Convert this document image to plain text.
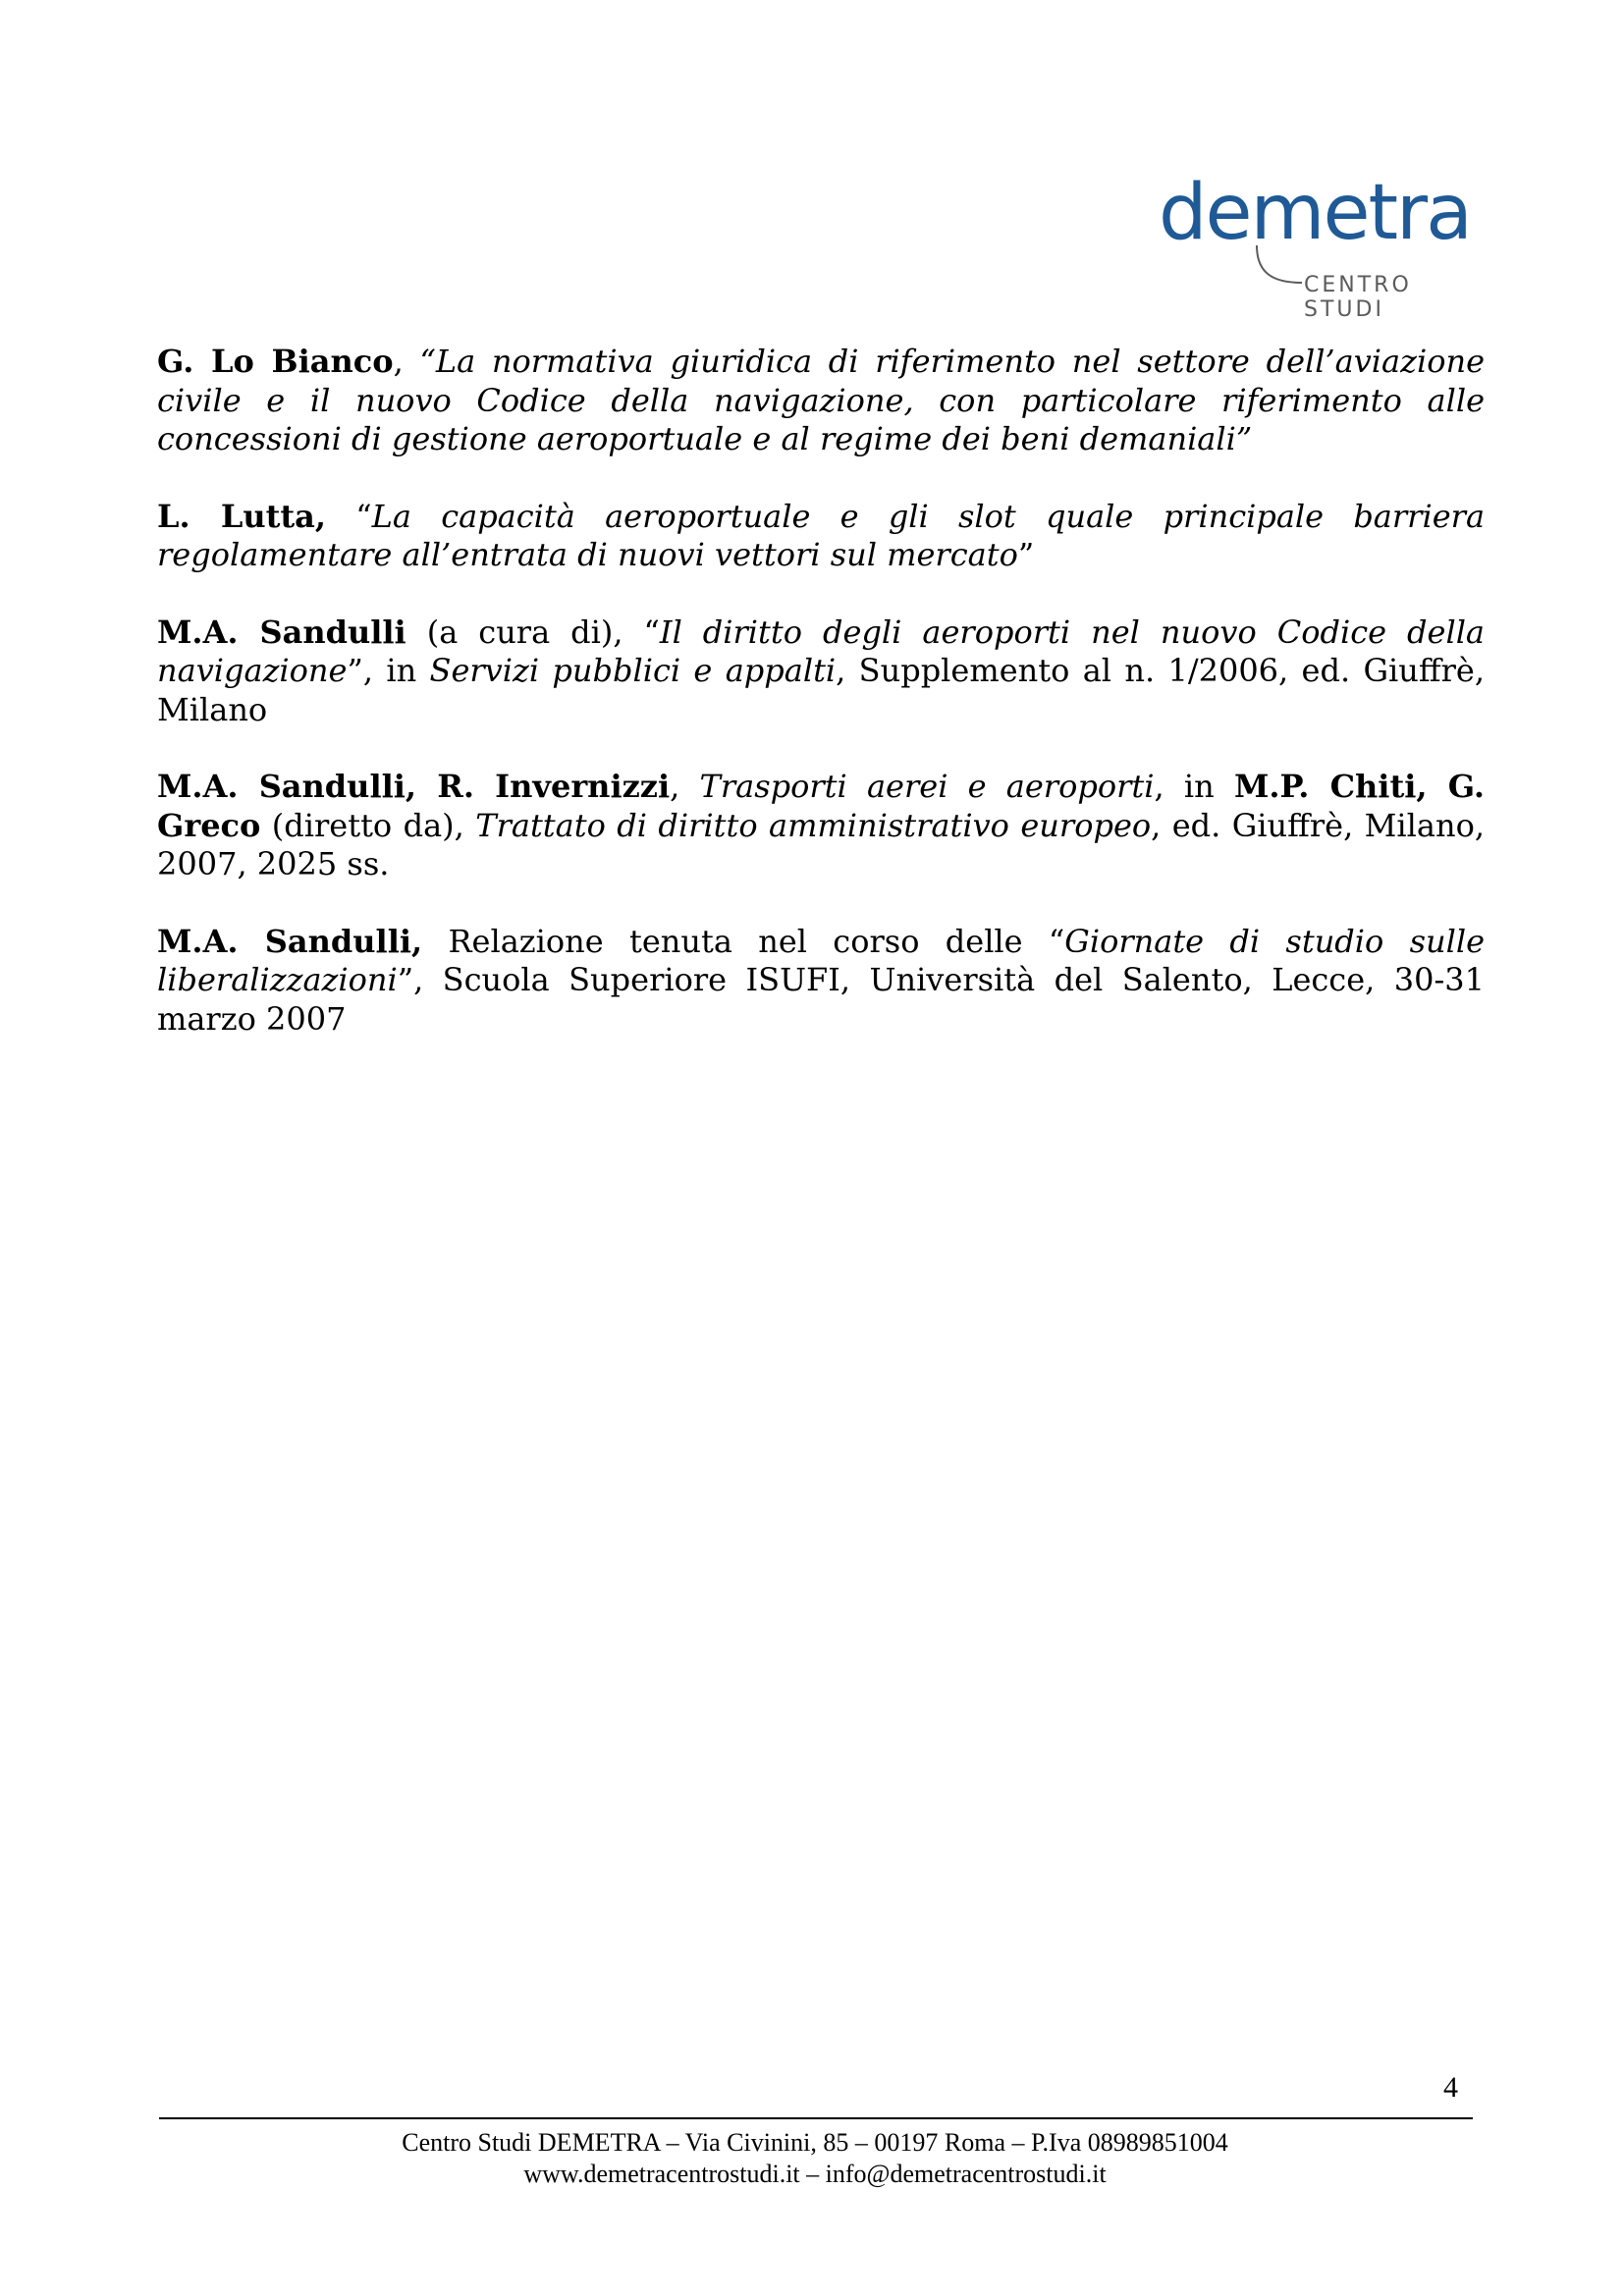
demetra
CENTRO STUDI

G. Lo Bianco, “La normativa giuridica di riferimento nel settore dell’aviazione civile e il nuovo Codice della navigazione, con particolare riferimento alle concessioni di gestione aeroportuale e al regime dei beni demaniali”

L. Lutta, “La capacità aeroportuale e gli slot quale principale barriera regolamentare all’entrata di nuovi vettori sul mercato”

M.A. Sandulli (a cura di), “Il diritto degli aeroporti nel nuovo Codice della navigazione”, in Servizi pubblici e appalti, Supplemento al n. 1/2006, ed. Giuffrè, Milano

M.A. Sandulli, R. Invernizzi, Trasporti aerei e aeroporti, in M.P. Chiti, G. Greco (diretto da), Trattato di diritto amministrativo europeo, ed. Giuffrè, Milano, 2007, 2025 ss.

M.A. Sandulli, Relazione tenuta nel corso delle “Giornate di studio sulle liberalizzazioni”, Scuola Superiore ISUFI, Università del Salento, Lecce, 30-31 marzo 2007

4
Centro Studi DEMETRA – Via Civinini, 85 – 00197 Roma – P.Iva 08989851004
www.demetracentrostudi.it – info@demetracentrostudi.it
